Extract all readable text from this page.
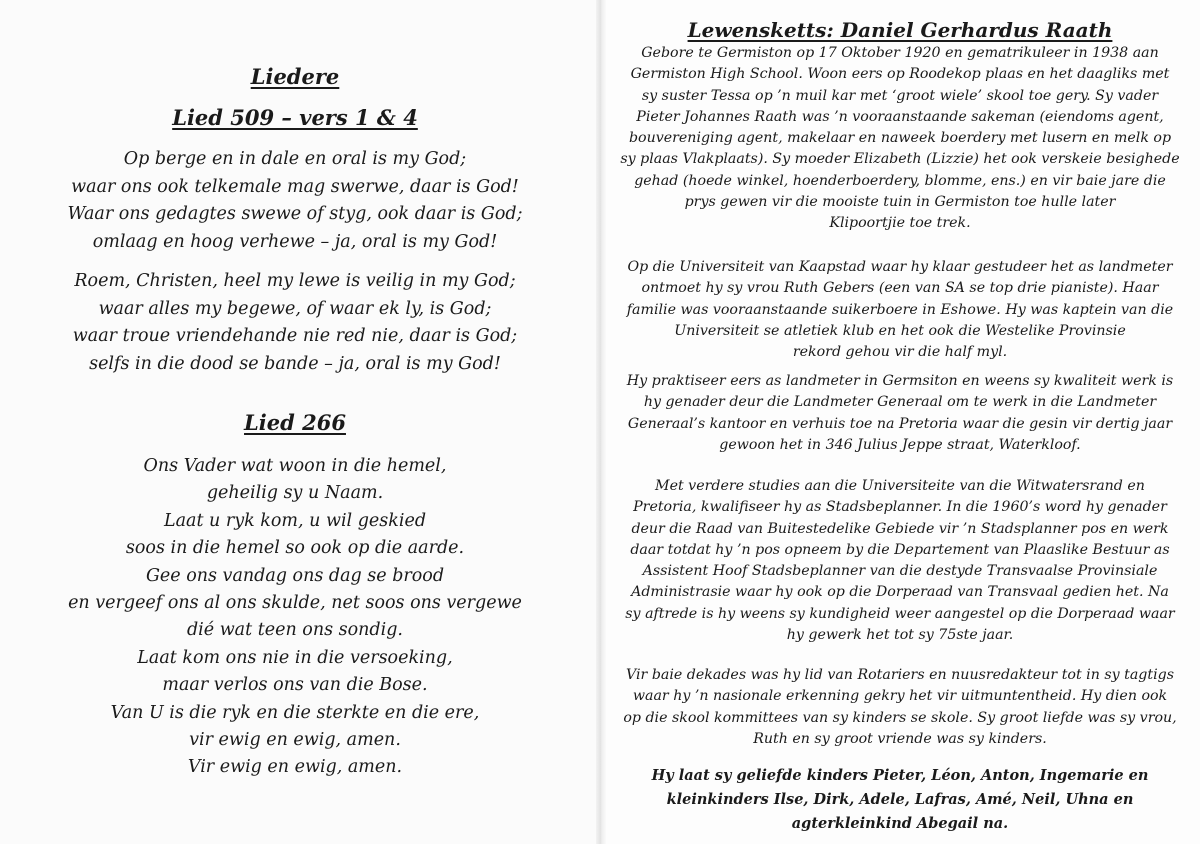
Liedere
Lied 509 – vers 1 & 4
Op berge en in dale en oral is my God;
waar ons ook telkemale mag swerwe, daar is God!
Waar ons gedagtes swewe of styg, ook daar is God;
omlaag en hoog verhewe – ja, oral is my God!
Roem, Christen, heel my lewe is veilig in my God;
waar alles my begewe, of waar ek ly, is God;
waar troue vriendehande nie red nie, daar is God;
selfs in die dood se bande – ja, oral is my God!
Lied 266
Ons Vader wat woon in die hemel,
geheilig sy u Naam.
Laat u ryk kom, u wil geskied
soos in die hemel so ook op die aarde.
Gee ons vandag ons dag se brood
en vergeef ons al ons skulde, net soos ons vergewe
dié wat teen ons sondig.
Laat kom ons nie in die versoeking,
maar verlos ons van die Bose.
Van U is die ryk en die sterkte en die ere,
vir ewig en ewig, amen.
Vir ewig en ewig, amen.
Lewensketts: Daniel Gerhardus Raath
Gebore te Germiston op 17 Oktober 1920 en gematrikuleer in 1938 aan
Germiston High School. Woon eers op Roodekop plaas en het daagliks met
sy suster Tessa op ’n muil kar met ‘groot wiele’ skool toe gery. Sy vader
Pieter Johannes Raath was ’n vooraanstaande sakeman (eiendoms agent,
bouvereniging agent, makelaar en naweek boerdery met lusern en melk op
sy plaas Vlakplaats). Sy moeder Elizabeth (Lizzie) het ook verskeie besighede
gehad (hoede winkel, hoenderboerdery, blomme, ens.) en vir baie jare die
prys gewen vir die mooiste tuin in Germiston toe hulle later
Klipoortjie toe trek.
Op die Universiteit van Kaapstad waar hy klaar gestudeer het as landmeter
ontmoet hy sy vrou Ruth Gebers (een van SA se top drie pianiste). Haar
familie was vooraanstaande suikerboere in Eshowe. Hy was kaptein van die
Universiteit se atletiek klub en het ook die Westelike Provinsie
rekord gehou vir die half myl.
Hy praktiseer eers as landmeter in Germsiton en weens sy kwaliteit werk is
hy genader deur die Landmeter Generaal om te werk in die Landmeter
Generaal’s kantoor en verhuis toe na Pretoria waar die gesin vir dertig jaar
gewoon het in 346 Julius Jeppe straat, Waterkloof.
Met verdere studies aan die Universiteite van die Witwatersrand en
Pretoria, kwalifiseer hy as Stadsbeplanner. In die 1960’s word hy genader
deur die Raad van Buitestedelike Gebiede vir ’n Stadsplanner pos en werk
daar totdat hy ’n pos opneem by die Departement van Plaaslike Bestuur as
Assistent Hoof Stadsbeplanner van die destyde Transvaalse Provinsiale
Administrasie waar hy ook op die Dorperaad van Transvaal gedien het. Na
sy aftrede is hy weens sy kundigheid weer aangestel op die Dorperaad waar
hy gewerk het tot sy 75ste jaar.
Vir baie dekades was hy lid van Rotariers en nuusredakteur tot in sy tagtigs
waar hy ’n nasionale erkenning gekry het vir uitmuntentheid. Hy dien ook
op die skool kommittees van sy kinders se skole. Sy groot liefde was sy vrou,
Ruth en sy groot vriende was sy kinders.
Hy laat sy geliefde kinders Pieter, Léon, Anton, Ingemarie en
kleinkinders Ilse, Dirk, Adele, Lafras, Amé, Neil, Uhna en
agterkleinkind Abegail na.
